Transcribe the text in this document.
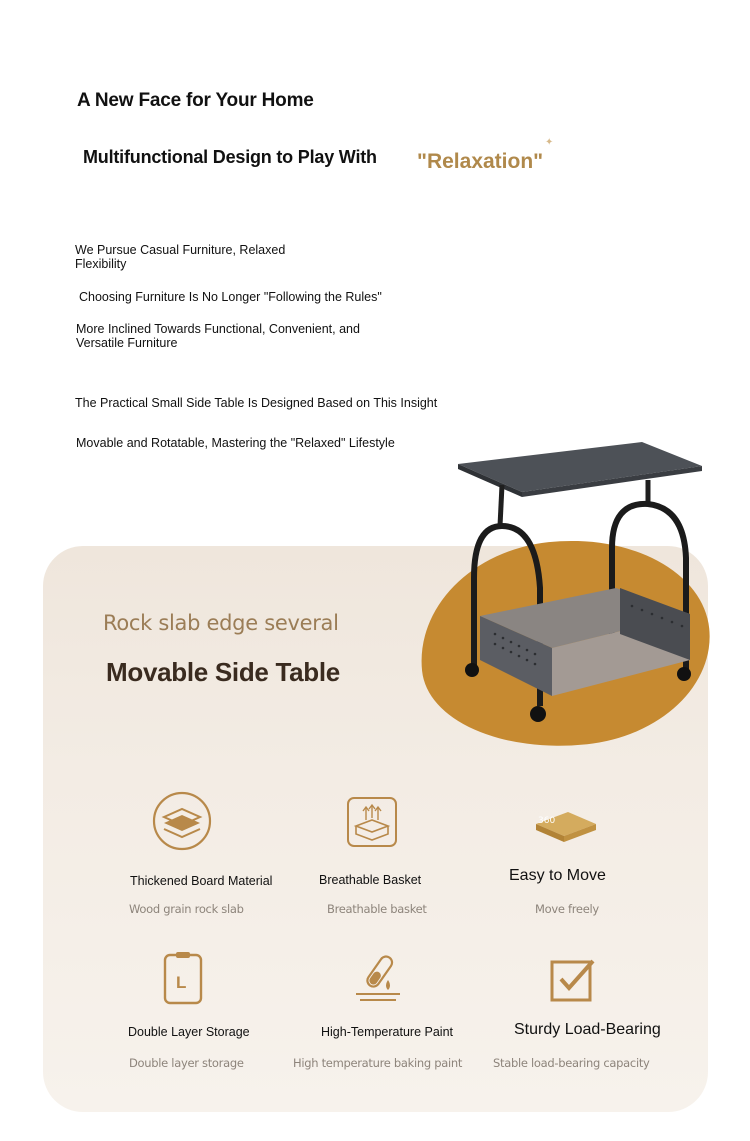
A New Face for Your Home
Multifunctional Design to Play With "Relaxation"
✦
We Pursue Casual Furniture, Relaxed Flexibility
Choosing Furniture Is No Longer "Following the Rules"
More Inclined Towards Functional, Convenient, and Versatile Furniture
The Practical Small Side Table Is Designed Based on This Insight
Movable and Rotatable, Mastering the "Relaxed" Lifestyle
Rock slab edge several
Movable Side Table
Thickened Board Material
Wood grain rock slab
Breathable Basket
Breathable basket
360
Easy to Move
Move freely
L
Double Layer Storage
Double layer storage
High-Temperature Paint
High temperature baking paint
Sturdy Load-Bearing
Stable load-bearing capacity
